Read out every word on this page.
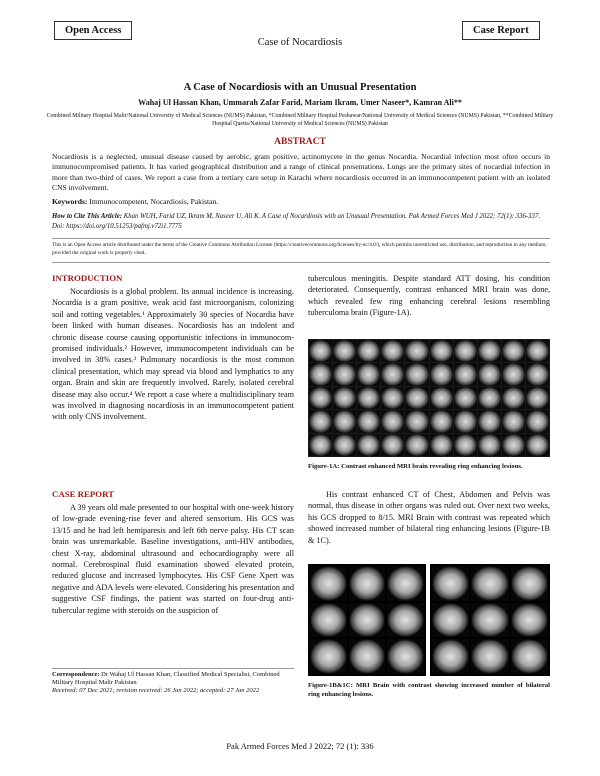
Open Access
Case of Nocardiosis
Case Report
A Case of Nocardiosis with an Unusual Presentation
Wahaj Ul Hassan Khan, Ummarah Zafar Farid, Mariam Ikram, Umer Naseer*, Kamran Ali**
Combined Military Hospital Malir/National University of Medical Sciences (NUMS) Pakistan, *Combined Military Hospital Peshawar/National University of Medical Sciences (NUMS) Pakistan, **Combined Military Hospital Quetta/National University of Medical Sciences (NUMS) Pakistan
ABSTRACT
Nocardiosis is a neglected, unusual disease caused by aerobic, gram positive, actinomycete in the genus Nocardia. Nocardial infection most often occurs in immunocompromised patients. It has varied geographical distribution and a range of clinical presentations. Lungs are the primary sites of nocardial infection in more than two-third of cases. We report a case from a tertiary care setup in Karachi where nocardiosis occurred in an immunocompetent patient with an isolated CNS involvement.
Keywords: Immunocompetent, Nocardiosis, Pakistan.
How to Cite This Article: Khan WUH, Farid UZ, Ikram M, Naseer U, Ali K. A Case of Nocardiosis with an Unusual Presentation. Pak Armed Forces Med J 2022; 72(1): 336-337. Doi: https://doi.org/10.51253/pafmj.v72i1.7775
This is an Open Access article distributed under the terms of the Creative Commons Attribution License (https://creativecommons.org/licenses/by-nc/4.0/), which permits unrestricted use, distribution, and reproduction in any medium, provided the original work is properly cited.
INTRODUCTION

Nocardiosis is a global problem. Its annual incidence is increasing. Nocardia is a gram positive, weak acid fast microorganism, colonizing soil and rotting vegetables.¹ Approximately 30 species of Nocardia have been linked with human diseases. Nocardiosis has an indolent and chronic disease course causing opportunistic infections in immunocom-promised individuals.² However, immunocompetent individuals can be involved in 38% cases.³ Pulmonary nocardiosis is the most common clinical presentation, which may spread via blood and lymphatics to any organ. Brain and skin are frequently involved. Rarely, isolated cerebral disease may also occur.⁴ We report a case where a multidisciplinary team was involved in diagnosing nocardiosis in an immunocompetent patient with only CNS involvement.

CASE REPORT

A 39 years old male presented to our hospital with one-week history of low-grade evening-rise fever and altered sensorium. His GCS was 13/15 and he had left hemiparesis and left 6th nerve palsy. His CT scan brain was unremarkable. Baseline investigations, anti-HIV antibodies, chest X-ray, abdominal ultrasound and echocardiography were all normal. Cerebrospinal fluid examination showed elevated protein, reduced glucose and increased lymphocytes. His CSF Gene Xpert was negative and ADA levels were elevated. Considering his presentation and suggestive CSF findings, the patient was started on four-drug anti-tubercular regime with steroids on the suspicion of

Correspondence: Dr Wahaj Ul Hassan Khan, Classified Medical Specialist, Combined Military Hospital Malir Pakistan
Received: 07 Dec 2021; revision received: 26 Jan 2022; accepted: 27 Jan 2022

tuberculous meningitis. Despite standard ATT dosing, his condition deteriorated. Consequently, contrast enhanced MRI brain was done, which revealed few ring enhancing cerebral lesions resembling tuberculoma brain (Figure-1A).

Figure-1A: Contrast enhanced MRI brain revealing ring enhancing lesions.

His contrast enhanced CT of Chest, Abdomen and Pelvis was normal, thus disease in other organs was ruled out. Over next two weeks, his GCS dropped to 8/15. MRI Brain with contrast was repeated which showed increased number of bilateral ring enhancing lesions (Figure-1B & 1C).

Figure-1B&1C: MRI Brain with contrast showing increased number of bilateral ring enhancing lesions.
Pak Armed Forces Med J 2022; 72 (1): 336
